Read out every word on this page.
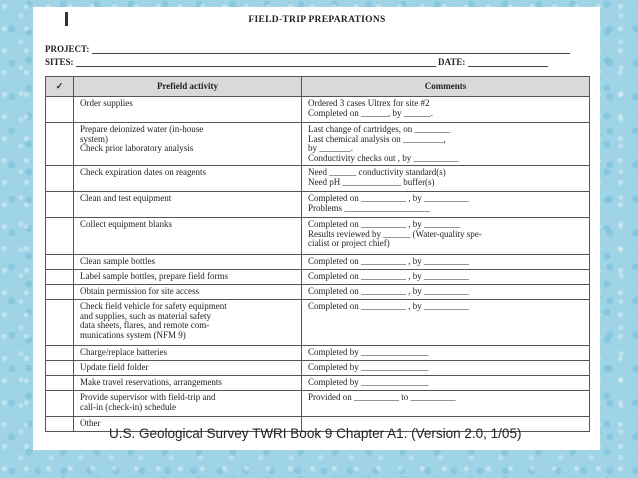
FIELD-TRIP PREPARATIONS
PROJECT:
SITES:	DATE:
✓	Prefield activity	Comments
	Order supplies	Ordered 3 cases Ultrex for site #2
Completed on ______, by ______.
	Prepare deionized water (in-house
system)
Check prior laboratory analysis	Last change of cartridges, on ________
Last chemical analysis on _________,
by _______.
Conductivity checks out , by __________
	Check expiration dates on reagents	Need ______ conductivity standard(s)
Need pH _____________ buffer(s)
	Clean and test equipment	Completed on __________ , by __________
Problems ___________________
	Collect equipment blanks	Completed on __________ , by ________
Results reviewed by ______ (Water-quality spe-
cialist or project chief)
	Clean sample bottles	Completed on __________ , by __________
	Label sample bottles, prepare field forms	Completed on __________ , by __________
	Obtain permission for site access	Completed on __________ , by __________
	Check field vehicle for safety equipment
and supplies, such as material safety
data sheets, flares, and remote com-
munications system (NFM 9)	Completed on __________ , by __________
	Charge/replace batteries	Completed by _______________
	Update field folder	Completed by _______________
	Make travel reservations, arrangements	Completed by _______________
	Provide supervisor with field-trip and
call-in (check-in) schedule	Provided on __________ to __________
	Other	
U.S. Geological Survey TWRI Book 9 Chapter A1. (Version 2.0, 1/05)
